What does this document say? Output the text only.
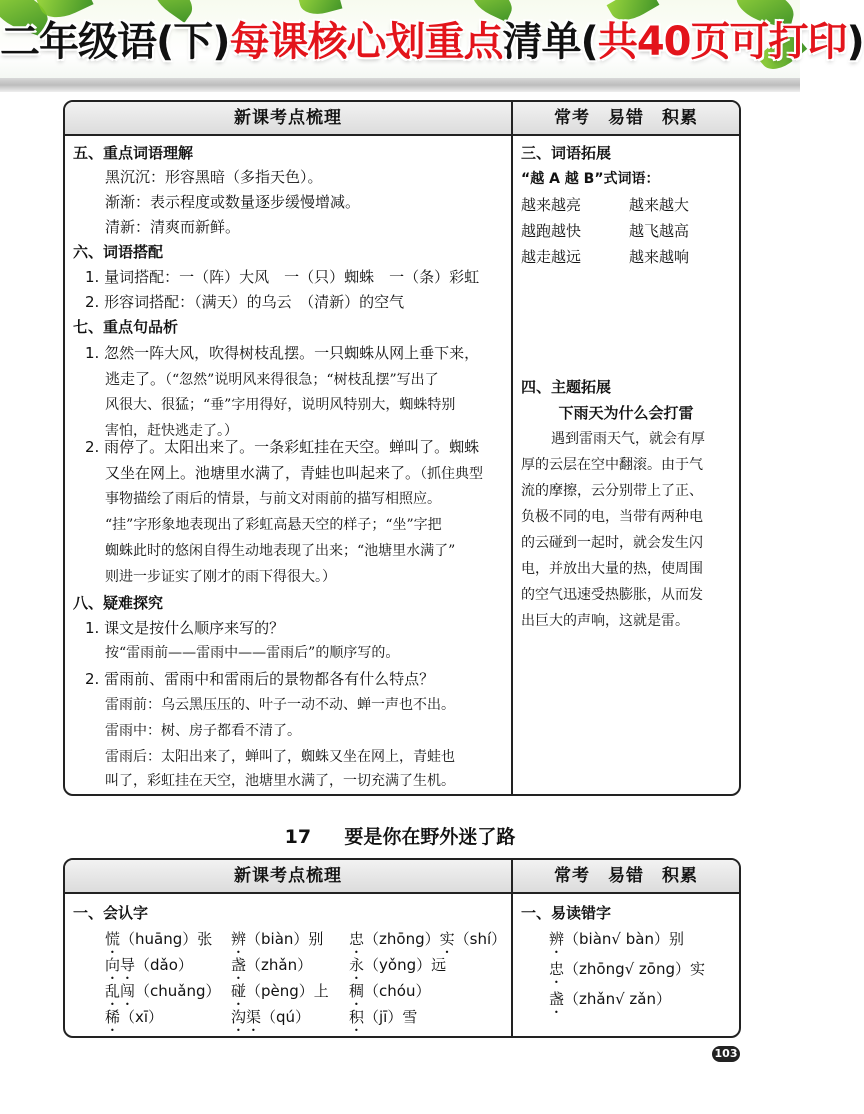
二年级语(下)每课核心划重点清单(共40页可打印)
新课考点梳理	常考　易错　积累
五、重点词语理解
黑沉沉：形容黑暗（多指天色）。
渐渐：表示程度或数量逐步缓慢增减。
清新：清爽而新鲜。
六、词语搭配
1. 量词搭配：一（阵）大风　一（只）蜘蛛　一（条）彩虹
2. 形容词搭配：（满天）的乌云　（清新）的空气
七、重点句品析
1. 忽然一阵大风，吹得树枝乱摆。一只蜘蛛从网上垂下来，
逃走了。（“忽然”说明风来得很急；“树枝乱摆”写出了
风很大、很猛；“垂”字用得好，说明风特别大，蜘蛛特别
害怕，赶快逃走了。）
2. 雨停了。太阳出来了。一条彩虹挂在天空。蝉叫了。蜘蛛
又坐在网上。池塘里水满了，青蛙也叫起来了。（抓住典型
事物描绘了雨后的情景，与前文对雨前的描写相照应。
“挂”字形象地表现出了彩虹高悬天空的样子；“坐”字把
蜘蛛此时的悠闲自得生动地表现了出来；“池塘里水满了”
则进一步证实了刚才的雨下得很大。）
八、疑难探究
1. 课文是按什么顺序来写的？
按“雷雨前——雷雨中——雷雨后”的顺序写的。
2. 雷雨前、雷雨中和雷雨后的景物都各有什么特点？
雷雨前：乌云黑压压的、叶子一动不动、蝉一声也不出。
雷雨中：树、房子都看不清了。
雷雨后：太阳出来了，蝉叫了，蜘蛛又坐在网上，青蛙也
叫了，彩虹挂在天空，池塘里水满了，一切充满了生机。
三、词语拓展
“越 A 越 B”式词语：
越来越亮	越来越大
越跑越快	越飞越高
越走越远	越来越响
四、主题拓展
下雨天为什么会打雷
遇到雷雨天气，就会有厚
厚的云层在空中翻滚。由于气
流的摩擦，云分别带上了正、
负极不同的电，当带有两种电
的云碰到一起时，就会发生闪
电，并放出大量的热，使周围
的空气迅速受热膨胀，从而发
出巨大的声响，这就是雷。
17 要是你在野外迷了路
新课考点梳理	常考　易错　积累
一、会认字
慌（huāng）张 辨（biàn）别 忠（zhōng）实（shí）
向导（dǎo）	盏（zhǎn） 永（yǒng）远
乱闯（chuǎng） 碰（pèng）上 稠（chóu）
稀（xī）	沟渠（qú）	积（jī）雪
一、易读错字
辨（biàn√ bàn）别
忠（zhōng√ zōng）实
盏（zhǎn√ zǎn）
103
